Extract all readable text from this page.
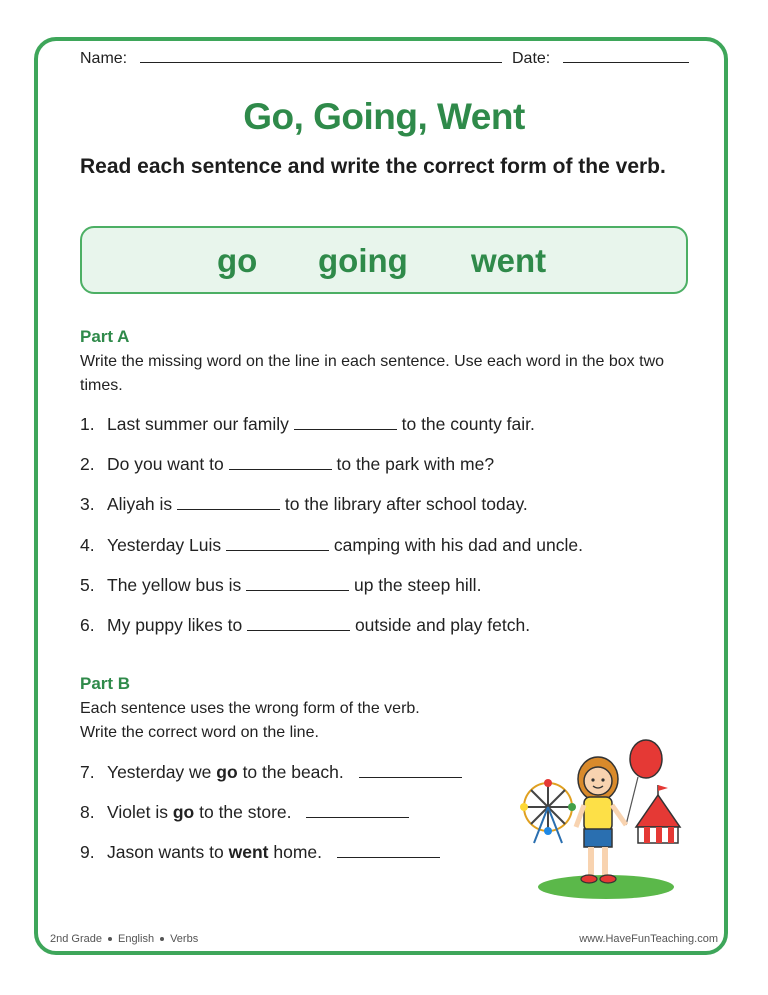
Name:	Date:
Go, Going, Went
Read each sentence and write the correct form of the verb.
go going went
Part A
Write the missing word on the line in each sentence. Use each word in the box two times.
1. Last summer our family	to the county fair.
2. Do you want to	to the park with me?
3. Aliyah is	to the library after school today.
4. Yesterday Luis	camping with his dad and uncle.
5. The yellow bus is	up the steep hill.
6. My puppy likes to	outside and play fetch.
Part B
Each sentence uses the wrong form of the verb.
Write the correct word on the line.
7. Yesterday we go to the beach.
8. Violet is go to the store.
9. Jason wants to went home.
2nd Grade English Verbs	www.HaveFunTeaching.com
